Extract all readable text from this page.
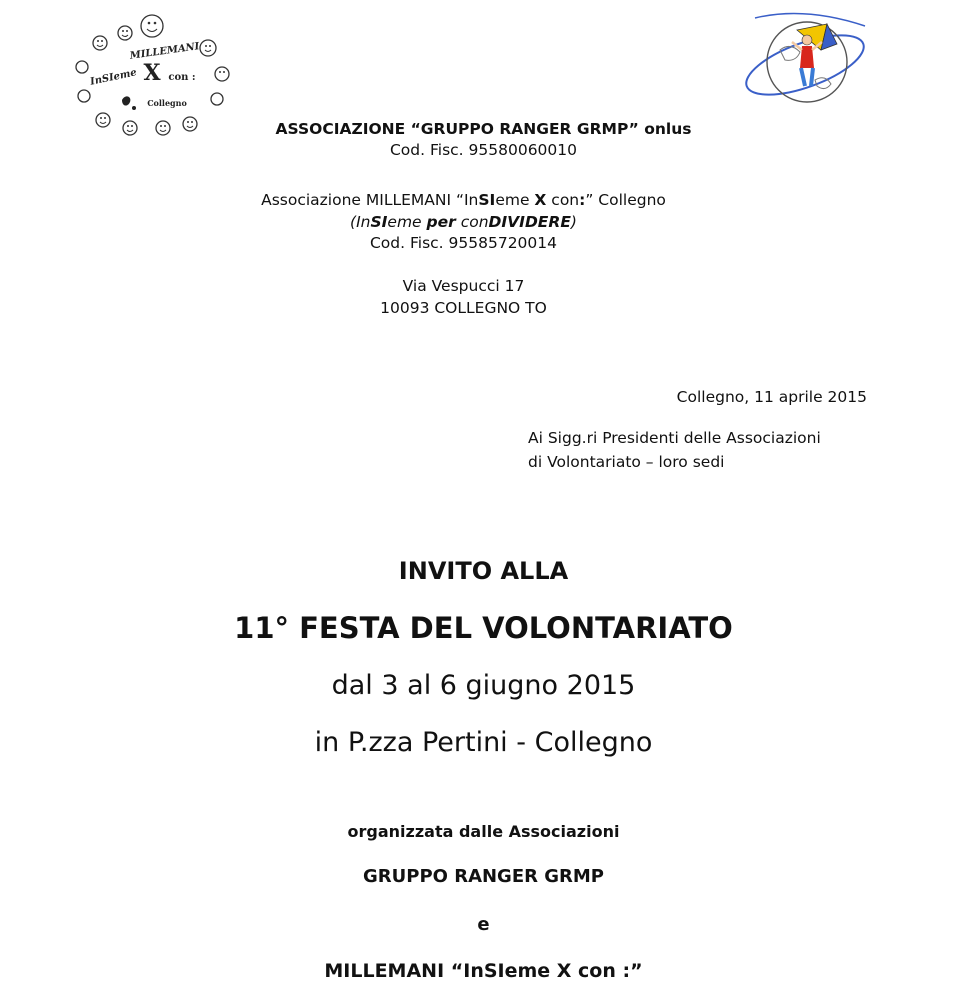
MILLEMANI
InSIeme X con :
Collegno
ASSOCIAZIONE “GRUPPO RANGER GRMP” onlus
Cod. Fisc. 95580060010
Associazione MILLEMANI “InSIeme X con:” Collegno
(InSIeme per conDIVIDERE)
Cod. Fisc. 95585720014
Via Vespucci 17
10093 COLLEGNO TO
Collegno, 11 aprile 2015
Ai Sigg.ri Presidenti delle Associazioni
di Volontariato – loro sedi
INVITO ALLA
11° FESTA DEL VOLONTARIATO
dal 3 al 6 giugno 2015
in P.zza Pertini - Collegno
organizzata dalle Associazioni
GRUPPO RANGER GRMP
e
MILLEMANI “InSIeme X con :”
